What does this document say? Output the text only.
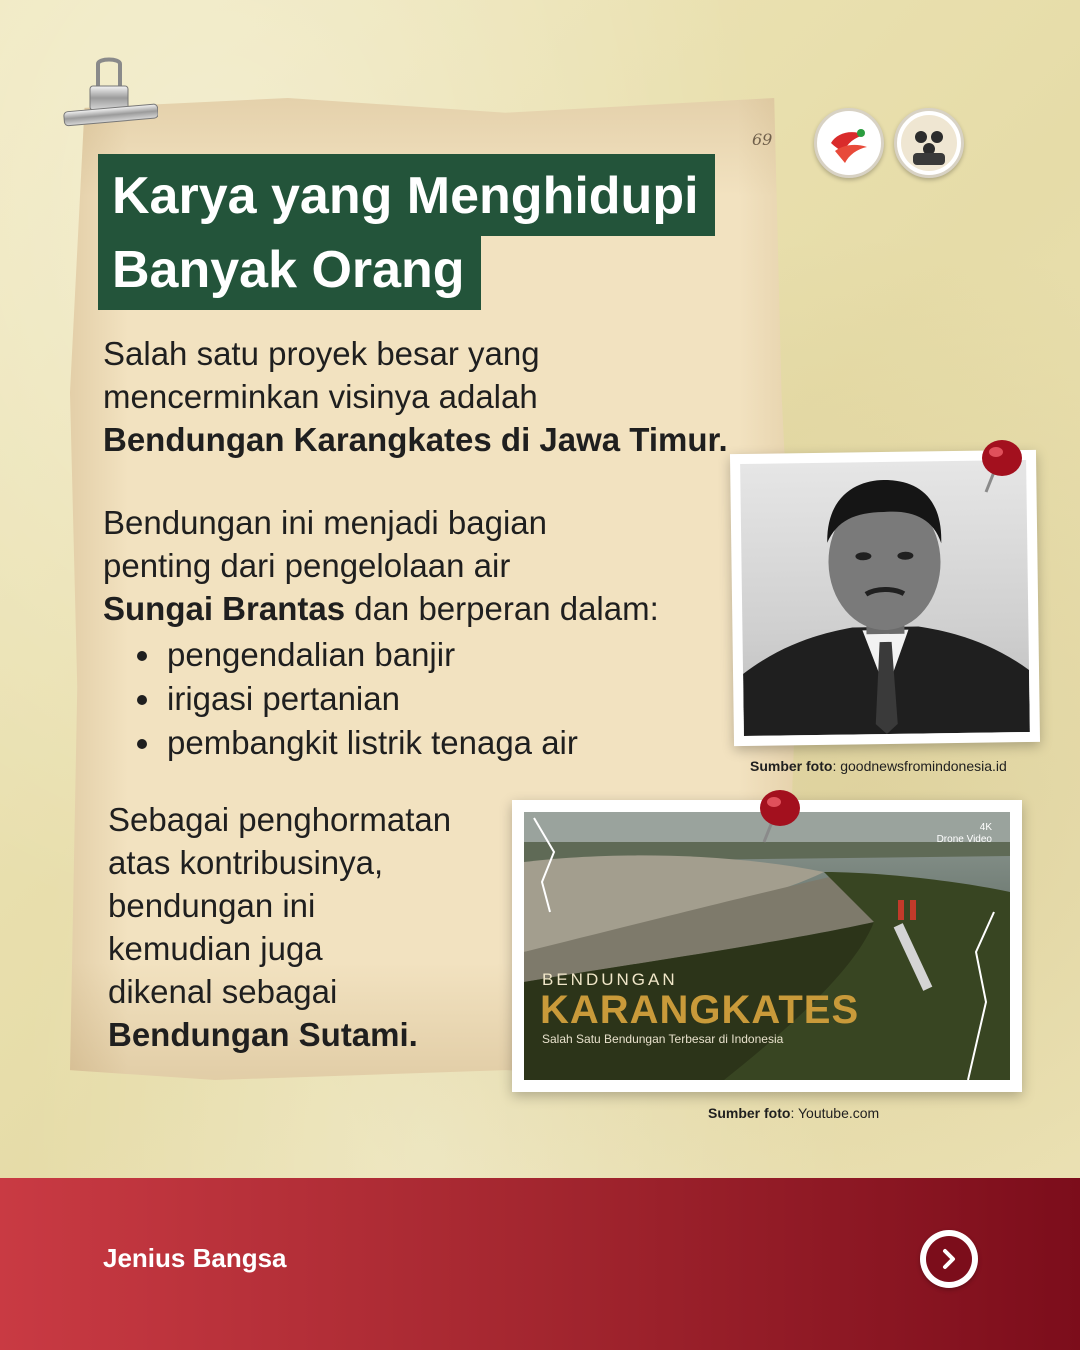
69
Karya yang Menghidupi
Banyak Orang
Salah satu proyek besar yang
mencerminkan visinya adalah
Bendungan Karangkates di Jawa Timur.
Bendungan ini menjadi bagian
penting dari pengelolaan air
Sungai Brantas dan berperan dalam:
pengendalian banjir
irigasi pertanian
pembangkit listrik tenaga air
Sebagai penghormatan
atas kontribusinya,
bendungan ini
kemudian juga
dikenal sebagai
Bendungan Sutami.
Sumber foto: goodnewsfromindonesia.id
4K
Drone Video
BENDUNGAN
KARANGKATES
Salah Satu Bendungan Terbesar di Indonesia
Sumber foto: Youtube.com
Jenius Bangsa
